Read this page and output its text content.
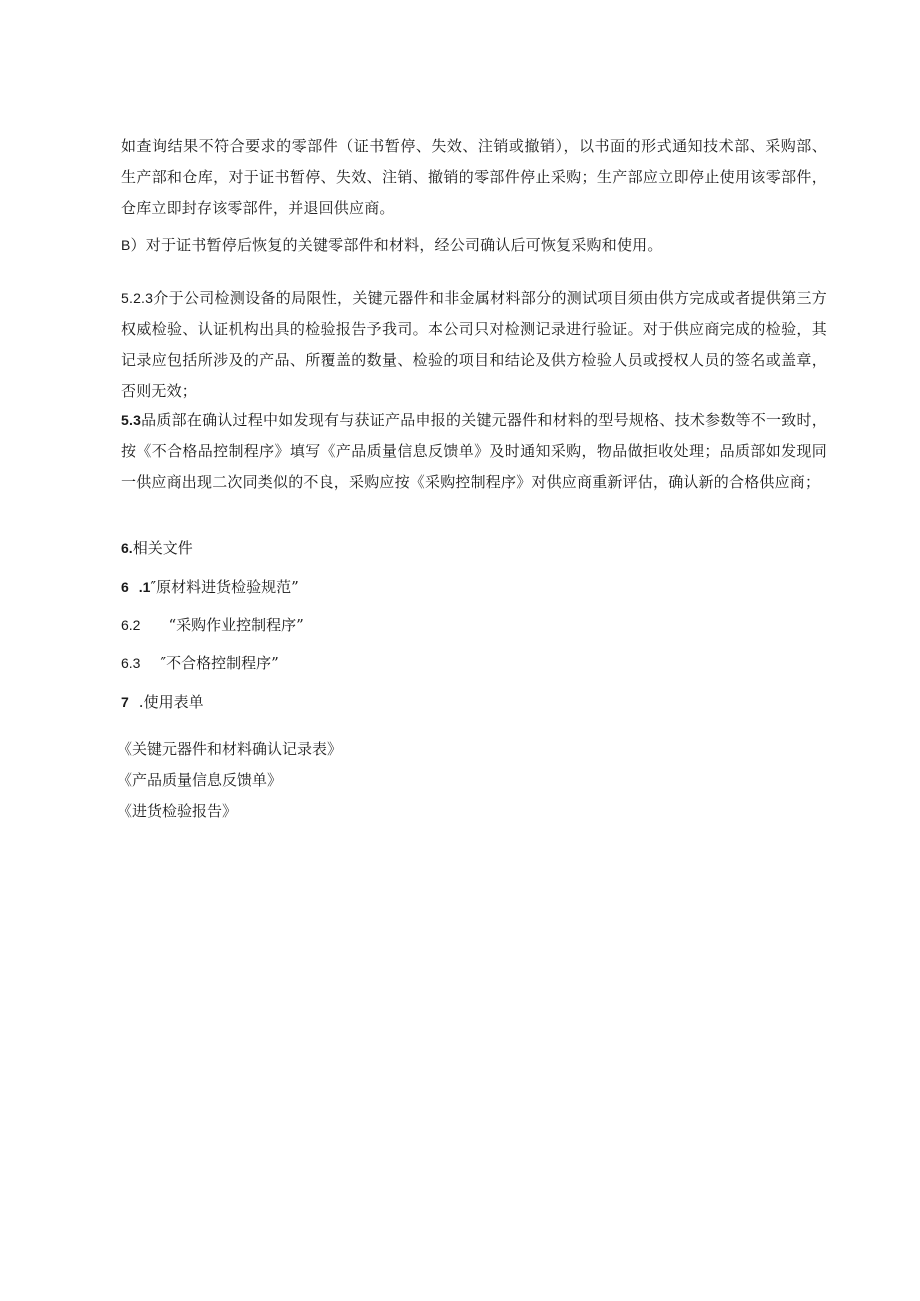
如查询结果不符合要求的零部件（证书暂停、失效、注销或撤销），以书面的形式通知技术部、采购部、生产部和仓库，对于证书暂停、失效、注销、撤销的零部件停止采购；生产部应立即停止使用该零部件，仓库立即封存该零部件，并退回供应商。
B）对于证书暂停后恢复的关键零部件和材料，经公司确认后可恢复采购和使用。
5.2.3介于公司检测设备的局限性，关键元器件和非金属材料部分的测试项目须由供方完成或者提供第三方权威检验、认证机构出具的检验报告予我司。本公司只对检测记录进行验证。对于供应商完成的检验，其记录应包括所涉及的产品、所覆盖的数量、检验的项目和结论及供方检验人员或授权人员的签名或盖章，否则无效；
5.3品质部在确认过程中如发现有与获证产品申报的关键元器件和材料的型号规格、技术参数等不一致时，按《不合格品控制程序》填写《产品质量信息反馈单》及时通知采购，物品做拒收处理；品质部如发现同一供应商出现二次同类似的不良，采购应按《采购控制程序》对供应商重新评估，确认新的合格供应商；
6.相关文件
6 .1″原材料进货检验规范”
6.2 “采购作业控制程序”
6.3 ″不合格控制程序”
7 .使用表单
《关键元器件和材料确认记录表》
《产品质量信息反馈单》
《进货检验报告》
